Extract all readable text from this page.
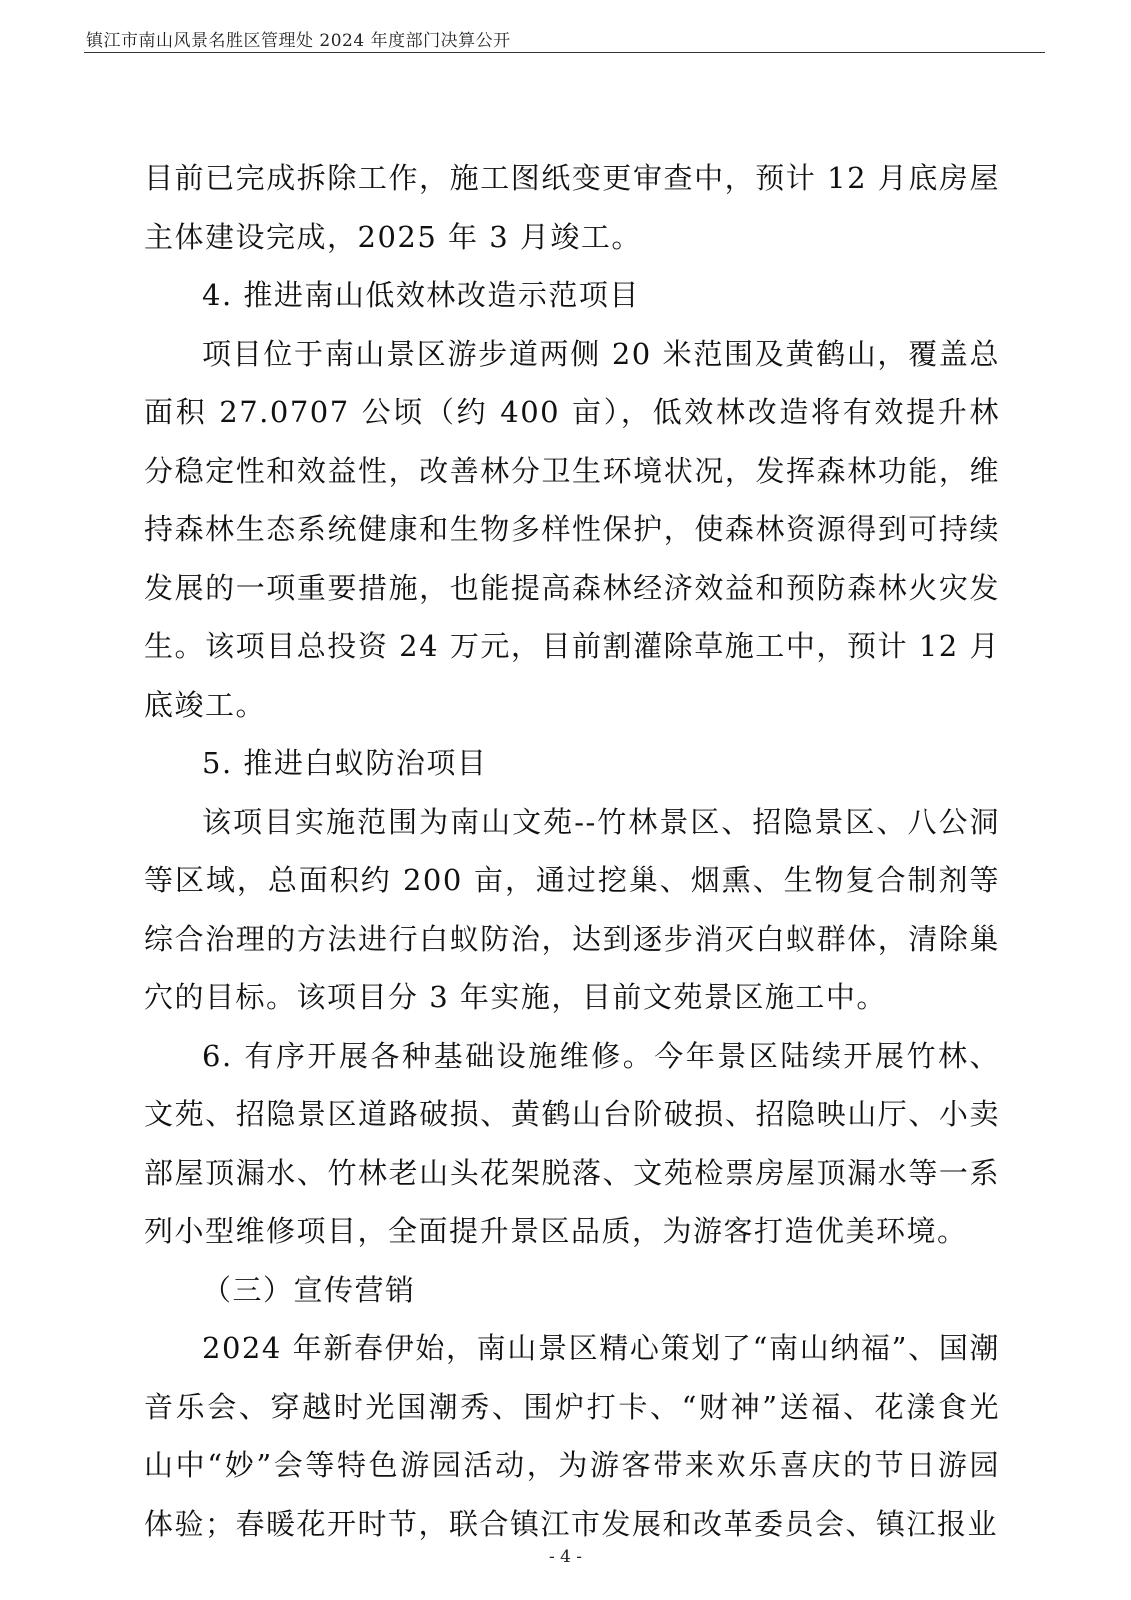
镇江市南山风景名胜区管理处 2024 年度部门决算公开

目前已完成拆除工作，施工图纸变更审查中，预计 12 月底房屋主体建设完成，2025 年 3 月竣工。

4. 推进南山低效林改造示范项目

项目位于南山景区游步道两侧 20 米范围及黄鹤山，覆盖总面积 27.0707 公顷（约 400 亩），低效林改造将有效提升林分稳定性和效益性，改善林分卫生环境状况，发挥森林功能，维持森林生态系统健康和生物多样性保护，使森林资源得到可持续发展的一项重要措施，也能提高森林经济效益和预防森林火灾发生。该项目总投资 24 万元，目前割灌除草施工中，预计 12 月底竣工。

5. 推进白蚁防治项目

该项目实施范围为南山文苑--竹林景区、招隐景区、八公洞等区域，总面积约 200 亩，通过挖巢、烟熏、生物复合制剂等综合治理的方法进行白蚁防治，达到逐步消灭白蚁群体，清除巢穴的目标。该项目分 3 年实施，目前文苑景区施工中。

6. 有序开展各种基础设施维修。今年景区陆续开展竹林、文苑、招隐景区道路破损、黄鹤山台阶破损、招隐映山厅、小卖部屋顶漏水、竹林老山头花架脱落、文苑检票房屋顶漏水等一系列小型维修项目，全面提升景区品质，为游客打造优美环境。

（三）宣传营销

2024 年新春伊始，南山景区精心策划了“南山纳福”、国潮音乐会、穿越时光国潮秀、围炉打卡、“财神”送福、花漾食光山中“妙”会等特色游园活动，为游客带来欢乐喜庆的节日游园体验；春暖花开时节，联合镇江市发展和改革委员会、镇江报业

- 4 -
